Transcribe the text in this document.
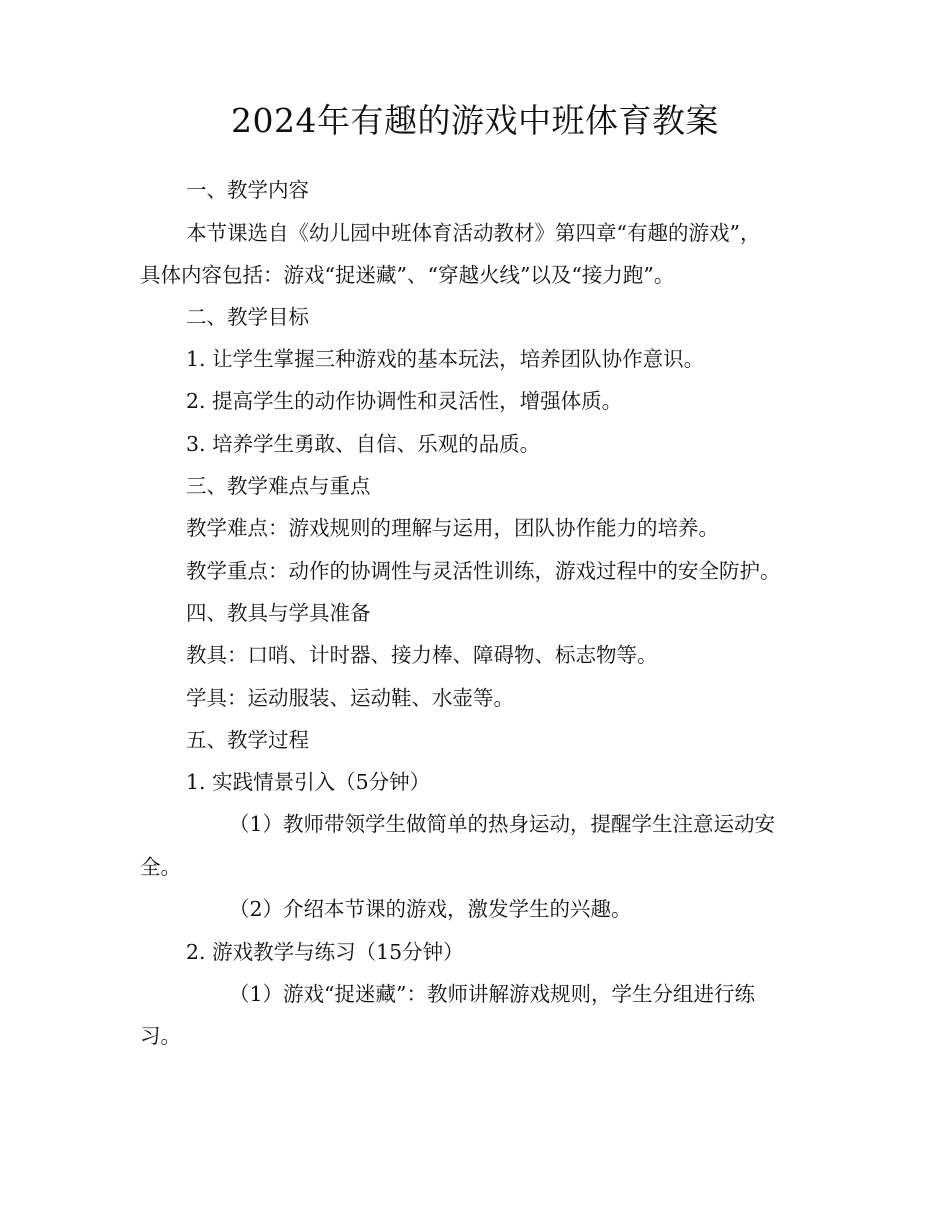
2024年有趣的游戏中班体育教案

一、教学内容

本节课选自《幼儿园中班体育活动教材》第四章“有趣的游戏”，

具体内容包括：游戏“捉迷藏”、“穿越火线”以及“接力跑”。

二、教学目标

1. 让学生掌握三种游戏的基本玩法，培养团队协作意识。

2. 提高学生的动作协调性和灵活性，增强体质。

3. 培养学生勇敢、自信、乐观的品质。

三、教学难点与重点

教学难点：游戏规则的理解与运用，团队协作能力的培养。

教学重点：动作的协调性与灵活性训练，游戏过程中的安全防护。

四、教具与学具准备

教具：口哨、计时器、接力棒、障碍物、标志物等。

学具：运动服装、运动鞋、水壶等。

五、教学过程

1. 实践情景引入（5分钟）

（1）教师带领学生做简单的热身运动，提醒学生注意运动安

全。

（2）介绍本节课的游戏，激发学生的兴趣。

2. 游戏教学与练习（15分钟）

（1）游戏“捉迷藏”：教师讲解游戏规则，学生分组进行练

习。
